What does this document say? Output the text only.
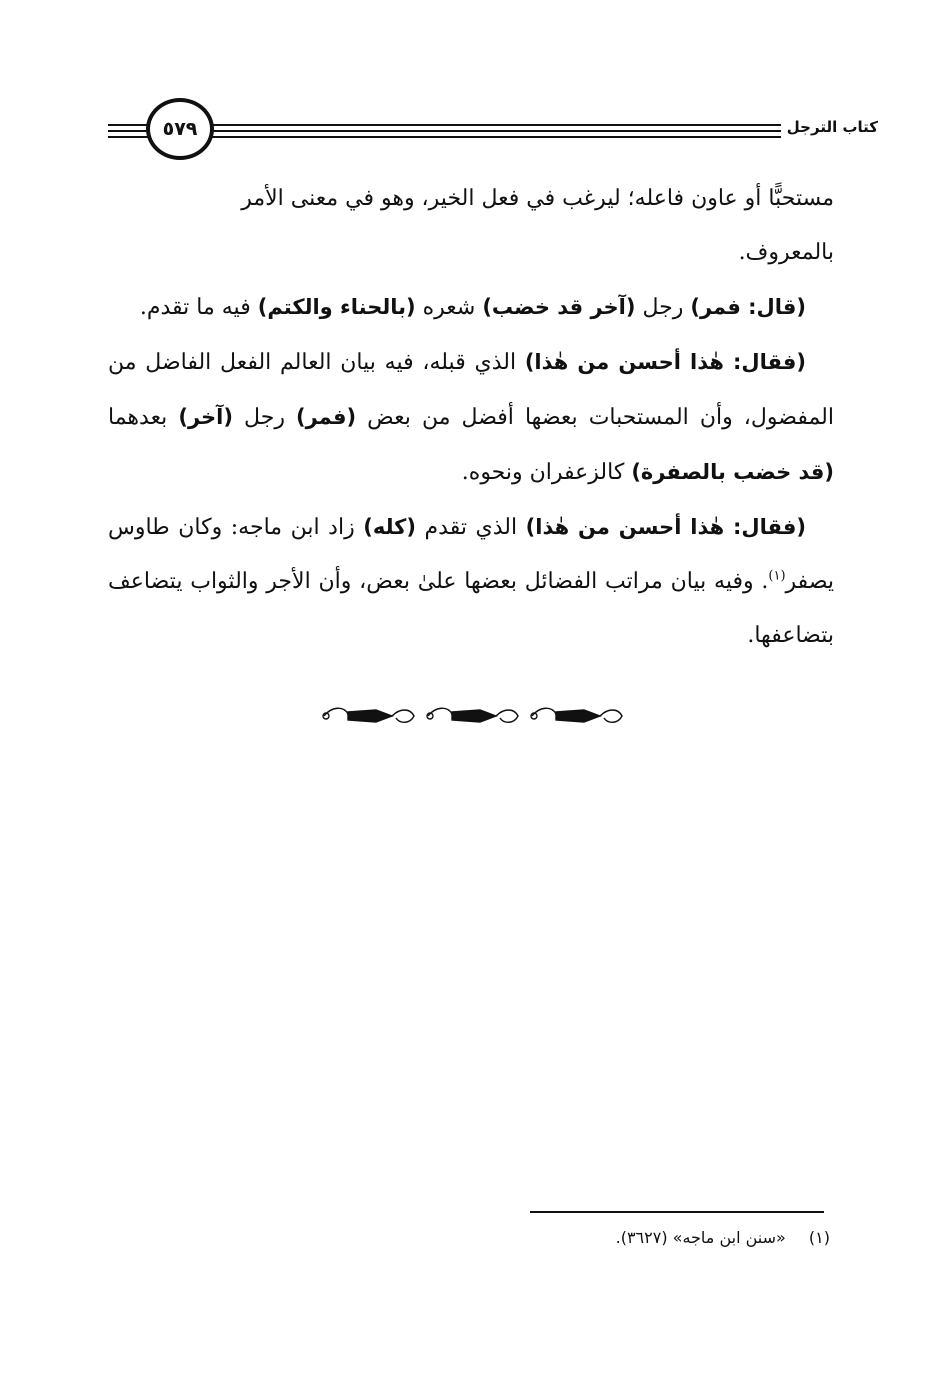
٥٧٩	كتاب الترجل

مستحبًّا أو عاون فاعله؛ ليرغب في فعل الخير، وهو في معنى الأمر
بالمعروف.

(قال: فمر) رجل (آخر قد خضب) شعره (بالحناء والكتم) فيه ما تقدم.

(فقال: هٰذا أحسن من هٰذا) الذي قبله، فيه بيان العالم الفعل الفاضل من المفضول، وأن المستحبات بعضها أفضل من بعض (فمر) رجل (آخر) بعدهما (قد خضب بالصفرة) كالزعفران ونحوه.

(فقال: هٰذا أحسن من هٰذا) الذي تقدم (كله) زاد ابن ماجه: وكان طاوس يصفر$^{(١)}$. وفيه بيان مراتب الفضائل بعضها علىٰ بعض، وأن الأجر والثواب يتضاعف بتضاعفها.

(١) «سنن ابن ماجه» (٣٦٢٧).
